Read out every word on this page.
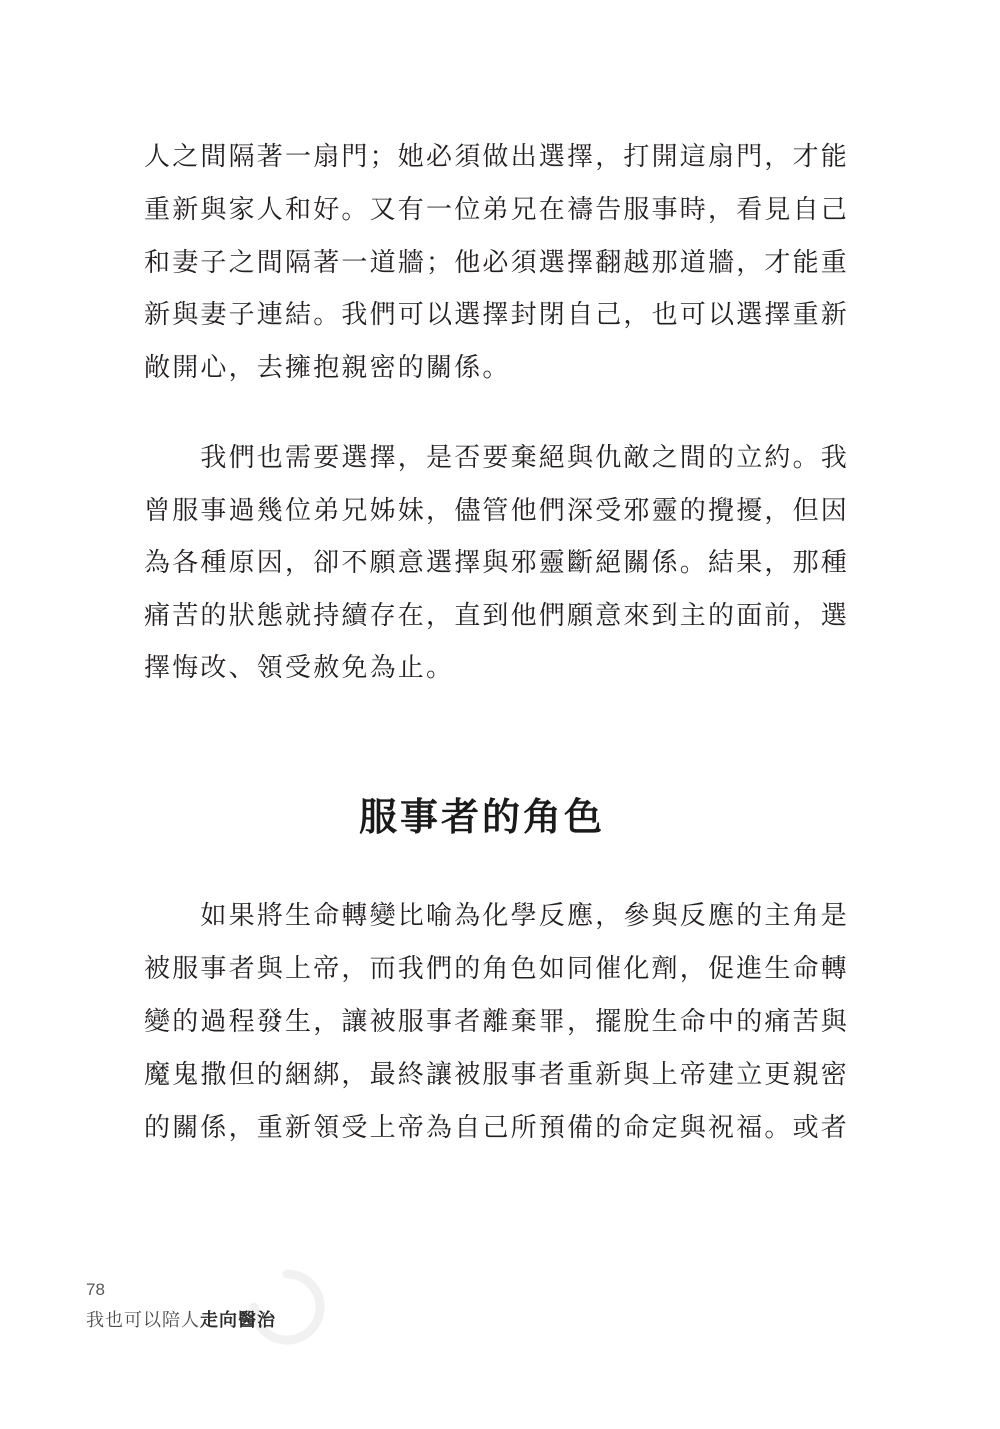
人之間隔著一扇門；她必須做出選擇，打開這扇門，才能
重新與家人和好。又有一位弟兄在禱告服事時，看見自己
和妻子之間隔著一道牆；他必須選擇翻越那道牆，才能重
新與妻子連結。我們可以選擇封閉自己，也可以選擇重新
敞開心，去擁抱親密的關係。
　　我們也需要選擇，是否要棄絕與仇敵之間的立約。我
曾服事過幾位弟兄姊妹，儘管他們深受邪靈的攪擾，但因
為各種原因，卻不願意選擇與邪靈斷絕關係。結果，那種
痛苦的狀態就持續存在，直到他們願意來到主的面前，選
擇悔改、領受赦免為止。
服事者的角色
　　如果將生命轉變比喻為化學反應，參與反應的主角是
被服事者與上帝，而我們的角色如同催化劑，促進生命轉
變的過程發生，讓被服事者離棄罪，擺脫生命中的痛苦與
魔鬼撒但的綑綁，最終讓被服事者重新與上帝建立更親密
的關係，重新領受上帝為自己所預備的命定與祝福。或者
78
我也可以陪人走向醫治
